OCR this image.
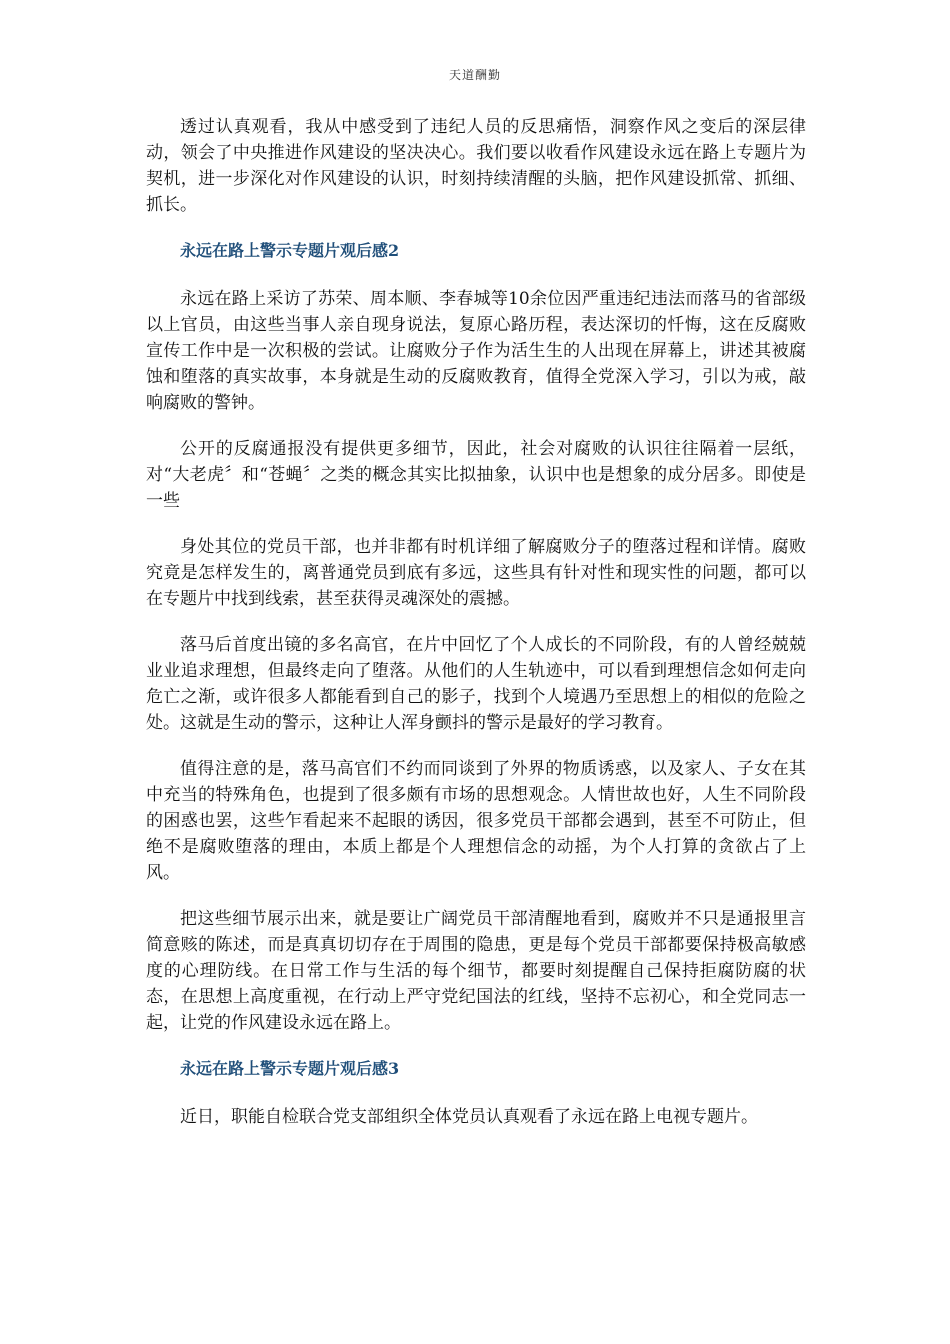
天道酬勤

透过认真观看，我从中感受到了违纪人员的反思痛悟，洞察作风之变后的深层律动，领会了中央推进作风建设的坚决决心。我们要以收看作风建设永远在路上专题片为契机，进一步深化对作风建设的认识，时刻持续清醒的头脑，把作风建设抓常、抓细、抓长。

永远在路上警示专题片观后感2

永远在路上采访了苏荣、周本顺、李春城等10余位因严重违纪违法而落马的省部级以上官员，由这些当事人亲自现身说法，复原心路历程，表达深切的忏悔，这在反腐败宣传工作中是一次积极的尝试。让腐败分子作为活生生的人出现在屏幕上，讲述其被腐蚀和堕落的真实故事，本身就是生动的反腐败教育，值得全党深入学习，引以为戒，敲响腐败的警钟。

公开的反腐通报没有提供更多细节，因此，社会对腐败的认识往往隔着一层纸，对“大老虎〞和“苍蝇〞之类的概念其实比拟抽象，认识中也是想象的成分居多。即使是一些

身处其位的党员干部，也并非都有时机详细了解腐败分子的堕落过程和详情。腐败究竟是怎样发生的，离普通党员到底有多远，这些具有针对性和现实性的问题，都可以在专题片中找到线索，甚至获得灵魂深处的震撼。

落马后首度出镜的多名高官，在片中回忆了个人成长的不同阶段，有的人曾经兢兢业业追求理想，但最终走向了堕落。从他们的人生轨迹中，可以看到理想信念如何走向危亡之渐，或许很多人都能看到自己的影子，找到个人境遇乃至思想上的相似的危险之处。这就是生动的警示，这种让人浑身颤抖的警示是最好的学习教育。

值得注意的是，落马高官们不约而同谈到了外界的物质诱惑，以及家人、子女在其中充当的特殊角色，也提到了很多颇有市场的思想观念。人情世故也好，人生不同阶段的困惑也罢，这些乍看起来不起眼的诱因，很多党员干部都会遇到，甚至不可防止，但绝不是腐败堕落的理由，本质上都是个人理想信念的动摇，为个人打算的贪欲占了上风。

把这些细节展示出来，就是要让广阔党员干部清醒地看到，腐败并不只是通报里言简意赅的陈述，而是真真切切存在于周围的隐患，更是每个党员干部都要保持极高敏感度的心理防线。在日常工作与生活的每个细节，都要时刻提醒自己保持拒腐防腐的状态，在思想上高度重视，在行动上严守党纪国法的红线，坚持不忘初心，和全党同志一起，让党的作风建设永远在路上。

永远在路上警示专题片观后感3

近日，职能自检联合党支部组织全体党员认真观看了永远在路上电视专题片。
